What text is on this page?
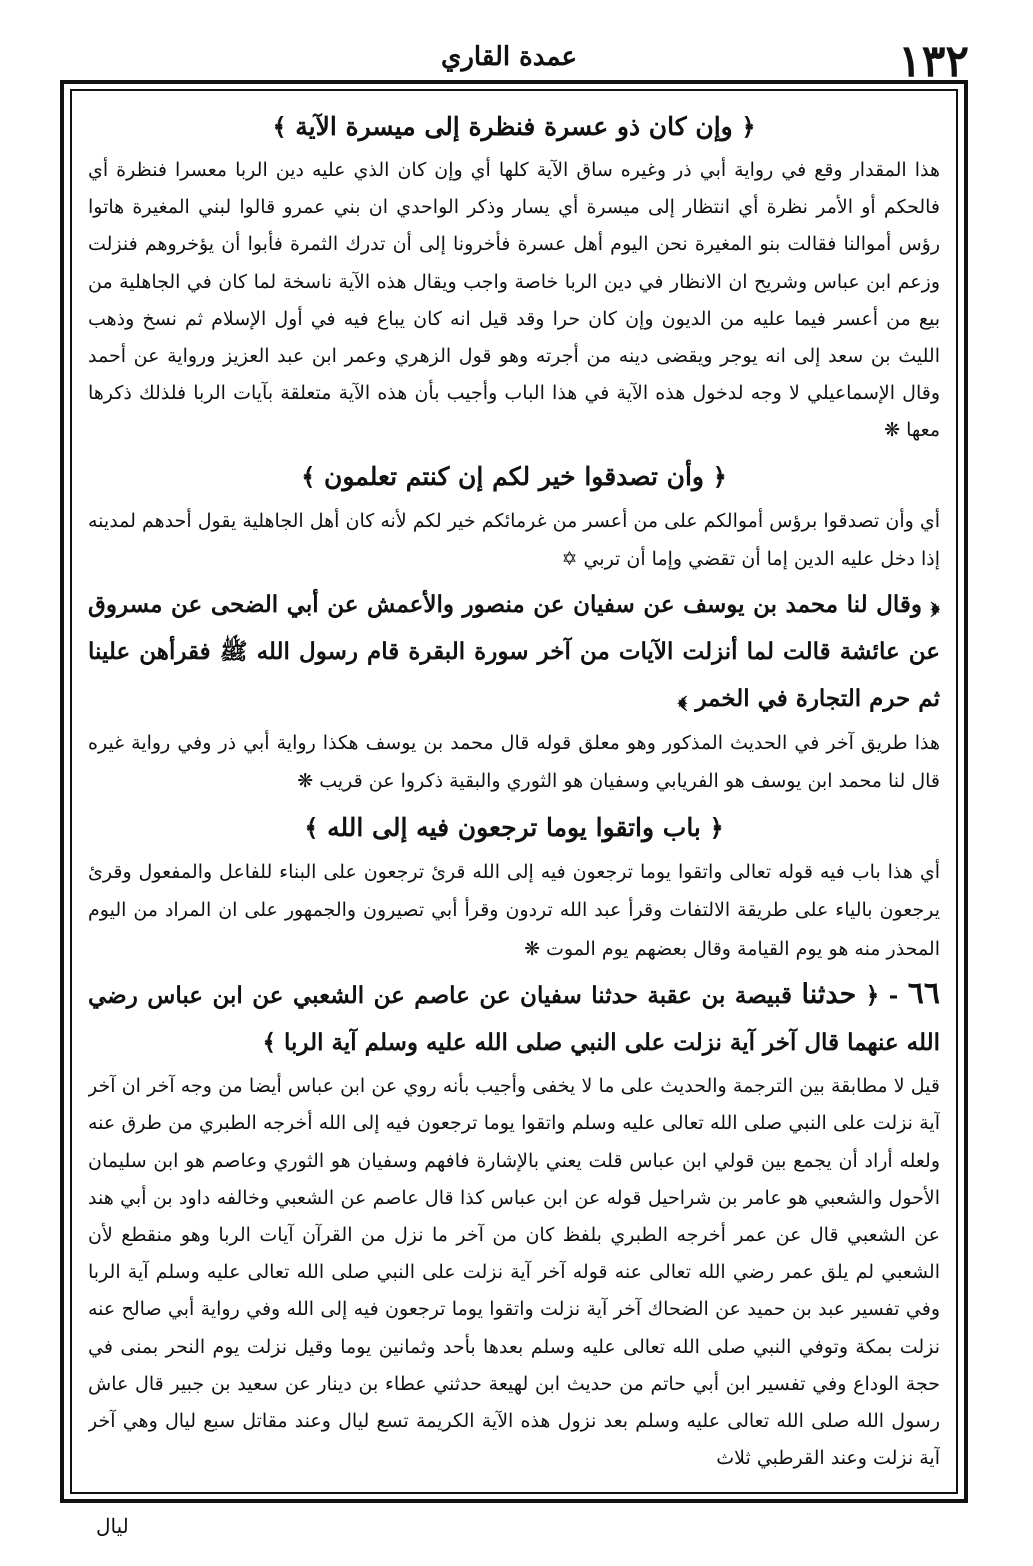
١٣٢
عمدة القاري
﴿ وإن كان ذو عسرة فنظرة إلى ميسرة الآية ﴾

هذا المقدار وقع في رواية أبي ذر وغيره ساق الآية كلها أي وإن كان الذي عليه دين الربا معسرا فنظرة أي فالحكم أو الأمر نظرة أي انتظار إلى ميسرة أي يسار وذكر الواحدي ان بني عمرو قالوا لبني المغيرة هاتوا رؤس أموالنا فقالت بنو المغيرة نحن اليوم أهل عسرة فأخرونا إلى أن تدرك الثمرة فأبوا أن يؤخروهم فنزلت وزعم ابن عباس وشريح ان الانظار في دين الربا خاصة واجب ويقال هذه الآية ناسخة لما كان في الجاهلية من بيع من أعسر فيما عليه من الديون وإن كان حرا وقد قيل انه كان يباع فيه في أول الإسلام ثم نسخ وذهب الليث بن سعد إلى انه يوجر ويقضى دينه من أجرته وهو قول الزهري وعمر ابن عبد العزيز ورواية عن أحمد وقال الإسماعيلي لا وجه لدخول هذه الآية في هذا الباب وأجيب بأن هذه الآية متعلقة بآيات الربا فلذلك ذكرها معها ❋

﴿ وأن تصدقوا خير لكم إن كنتم تعلمون ﴾

أي وأن تصدقوا برؤس أموالكم على من أعسر من غرمائكم خير لكم لأنه كان أهل الجاهلية يقول أحدهم لمدينه إذا دخل عليه الدين إما أن تقضي وإما أن تربي ✡

﴿ وقال لنا محمد بن يوسف عن سفيان عن منصور والأعمش عن أبي الضحى عن مسروق عن عائشة قالت لما أنزلت الآيات من آخر سورة البقرة قام رسول الله ﷺ فقرأهن علينا ثم حرم التجارة في الخمر ﴾

هذا طريق آخر في الحديث المذكور وهو معلق قوله قال محمد بن يوسف هكذا رواية أبي ذر وفي رواية غيره قال لنا محمد ابن يوسف هو الفريابي وسفيان هو الثوري والبقية ذكروا عن قريب ❋

﴿ باب واتقوا يوما ترجعون فيه إلى الله ﴾

أي هذا باب فيه قوله تعالى واتقوا يوما ترجعون فيه إلى الله قرئ ترجعون على البناء للفاعل والمفعول وقرئ يرجعون بالياء على طريقة الالتفات وقرأ عبد الله تردون وقرأ أبي تصيرون والجمهور على ان المراد من اليوم المحذر منه هو يوم القيامة وقال بعضهم يوم الموت ❋

٦٦ - ﴿ حدثنا قبيصة بن عقبة حدثنا سفيان عن عاصم عن الشعبي عن ابن عباس رضي الله عنهما قال آخر آية نزلت على النبي صلى الله عليه وسلم آية الربا ﴾

قيل لا مطابقة بين الترجمة والحديث على ما لا يخفى وأجيب بأنه روي عن ابن عباس أيضا من وجه آخر ان آخر آية نزلت على النبي صلى الله تعالى عليه وسلم واتقوا يوما ترجعون فيه إلى الله أخرجه الطبري من طرق عنه ولعله أراد أن يجمع بين قولي ابن عباس قلت يعني بالإشارة فافهم وسفيان هو الثوري وعاصم هو ابن سليمان الأحول والشعبي هو عامر بن شراحيل قوله عن ابن عباس كذا قال عاصم عن الشعبي وخالفه داود بن أبي هند عن الشعبي قال عن عمر أخرجه الطبري بلفظ كان من آخر ما نزل من القرآن آيات الربا وهو منقطع لأن الشعبي لم يلق عمر رضي الله تعالى عنه قوله آخر آية نزلت على النبي صلى الله تعالى عليه وسلم آية الربا وفي تفسير عبد بن حميد عن الضحاك آخر آية نزلت واتقوا يوما ترجعون فيه إلى الله وفي رواية أبي صالح عنه نزلت بمكة وتوفي النبي صلى الله تعالى عليه وسلم بعدها بأحد وثمانين يوما وقيل نزلت يوم النحر بمنى في حجة الوداع وفي تفسير ابن أبي حاتم من حديث ابن لهيعة حدثني عطاء بن دينار عن سعيد بن جبير قال عاش رسول الله صلى الله تعالى عليه وسلم بعد نزول هذه الآية الكريمة تسع ليال وعند مقاتل سبع ليال وهي آخر آية نزلت وعند القرطبي ثلاث

ليال
